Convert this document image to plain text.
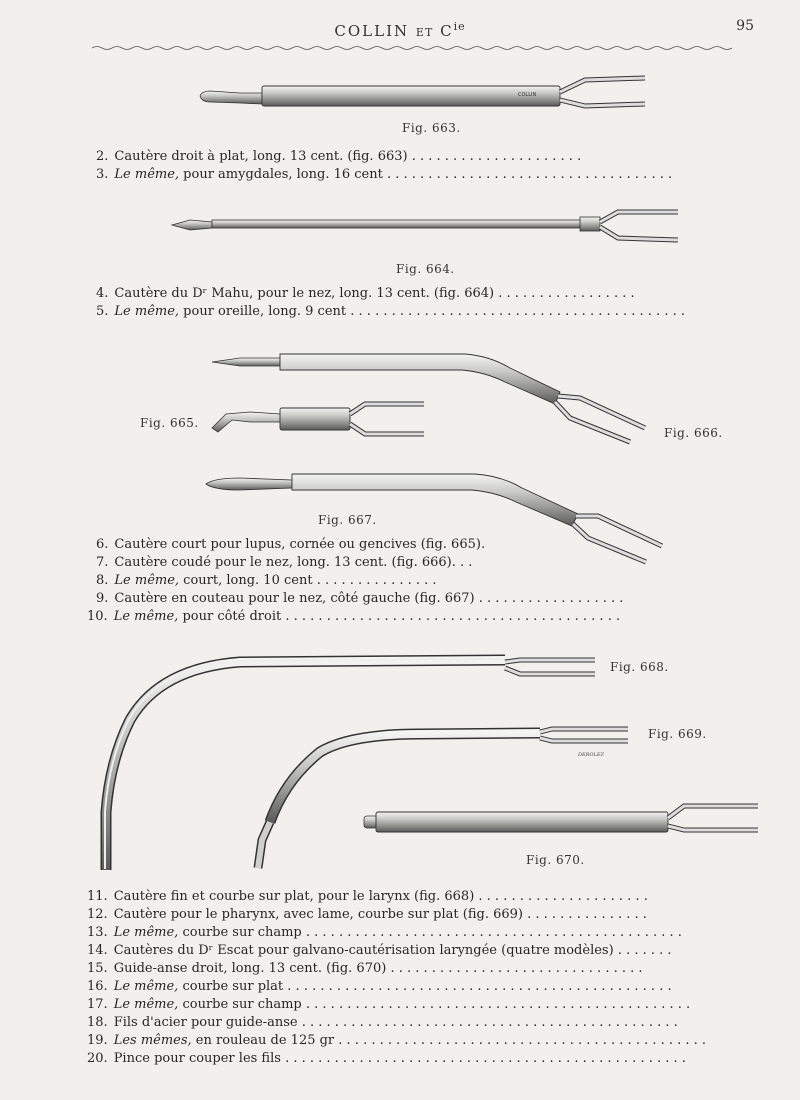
COLLIN ET $C^{ie}$	95
COLLIN
DEROLEZ
Fig. 663.
Fig. 664.
Fig. 665.
Fig. 666.
Fig. 667.
Fig. 668.
Fig. 669.
Fig. 670.
2. Cautère droit à plat, long. 13 cent. (fig. 663) . . . . . . . . . . . . . . . . . . . . .
3. Le même, pour amygdales, long. 16 cent . . . . . . . . . . . . . . . . . . . . . . . . . . . . . . . . . . .
4. Cautère du Dʳ Mahu, pour le nez, long. 13 cent. (fig. 664) . . . . . . . . . . . . . . . . .
5. Le même, pour oreille, long. 9 cent . . . . . . . . . . . . . . . . . . . . . . . . . . . . . . . . . . . . . . . . .
6. Cautère court pour lupus, cornée ou gencives (fig. 665).
7. Cautère coudé pour le nez, long. 13 cent. (fig. 666). . .
8. Le même, court, long. 10 cent . . . . . . . . . . . . . . .
9. Cautère en couteau pour le nez, côté gauche (fig. 667) . . . . . . . . . . . . . . . . . .
10. Le même, pour côté droit . . . . . . . . . . . . . . . . . . . . . . . . . . . . . . . . . . . . . . . . .
11. Cautère fin et courbe sur plat, pour le larynx (fig. 668) . . . . . . . . . . . . . . . . . . . . .
12. Cautère pour le pharynx, avec lame, courbe sur plat (fig. 669) . . . . . . . . . . . . . . .
13. Le même, courbe sur champ . . . . . . . . . . . . . . . . . . . . . . . . . . . . . . . . . . . . . . . . . . . . . .
14. Cautères du Dʳ Escat pour galvano-cautérisation laryngée (quatre modèles) . . . . . . .
15. Guide-anse droit, long. 13 cent. (fig. 670) . . . . . . . . . . . . . . . . . . . . . . . . . . . . . . .
16. Le même, courbe sur plat . . . . . . . . . . . . . . . . . . . . . . . . . . . . . . . . . . . . . . . . . . . . . . .
17. Le même, courbe sur champ . . . . . . . . . . . . . . . . . . . . . . . . . . . . . . . . . . . . . . . . . . . . . . .
18. Fils d'acier pour guide-anse . . . . . . . . . . . . . . . . . . . . . . . . . . . . . . . . . . . . . . . . . . . . . .
19. Les mêmes, en rouleau de 125 gr . . . . . . . . . . . . . . . . . . . . . . . . . . . . . . . . . . . . . . . . . . . . .
20. Pince pour couper les fils . . . . . . . . . . . . . . . . . . . . . . . . . . . . . . . . . . . . . . . . . . . . . . . . .
